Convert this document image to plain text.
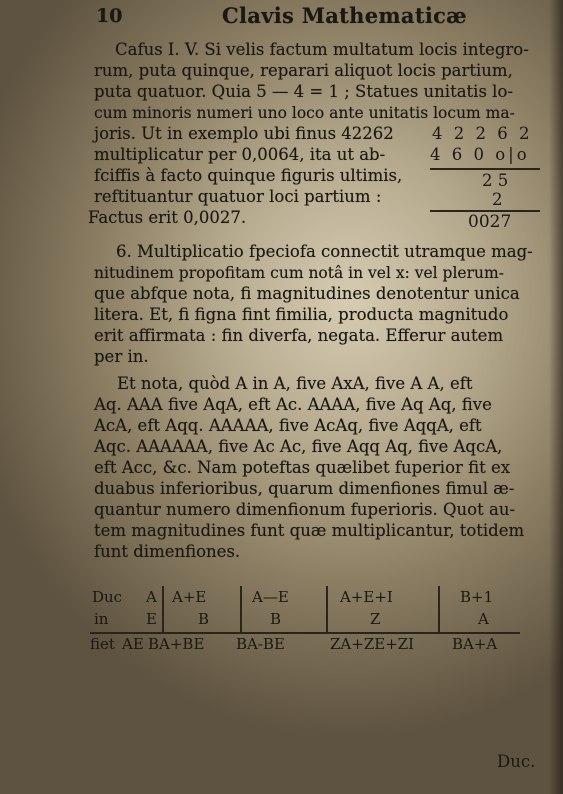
10	Clavis Mathematicæ
Cafus I. V. Si velis factum multatum locis integro-
rum, puta quinque, reparari aliquot locis partium,
puta quatuor. Quia 5 — 4 = 1 ; Statues unitatis lo-
cum minoris numeri uno loco ante unitatis locum ma-
joris. Ut in exemplo ubi finus 42262
multiplicatur per 0,0064, ita ut ab-
fciffis à facto quinque figuris ultimis,
reftituantur quatuor loci partium :
Factus erit 0,0027.
4 2 2 6 2
4 6 0 o|o
2 5
2
0027
6. Multiplicatio fpeciofa connectit utramque mag-
nitudinem propofitam cum notâ in vel x: vel plerum-
que abfque nota, fi magnitudines denotentur unica
litera. Et, fi figna fint fimilia, producta magnitudo
erit affirmata : fin diverfa, negata. Efferur autem
per in.
Et nota, quòd A in A, five AxA, five A A, eft
Aq. AAA five AqA, eft Ac. AAAA, five Aq Aq, five
AcA, eft Aqq. AAAAA, five AcAq, five AqqA, eft
Aqc. AAAAAA, five Ac Ac, five Aqq Aq, five AqcA,
eft Acc, &c. Nam poteftas quælibet fuperior fit ex
duabus inferioribus, quarum dimenfiones fimul æ-
quantur numero dimenfionum fuperioris. Quot au-
tem magnitudines funt quæ multiplicantur, totidem
funt dimenfiones.
Duc
in
fiet
A
E
AE
A+E
B
BA+BE
A—E
B
BA-BE
A+E+I
Z
ZA+ZE+ZI
B+1
A
BA+A
Duc.
